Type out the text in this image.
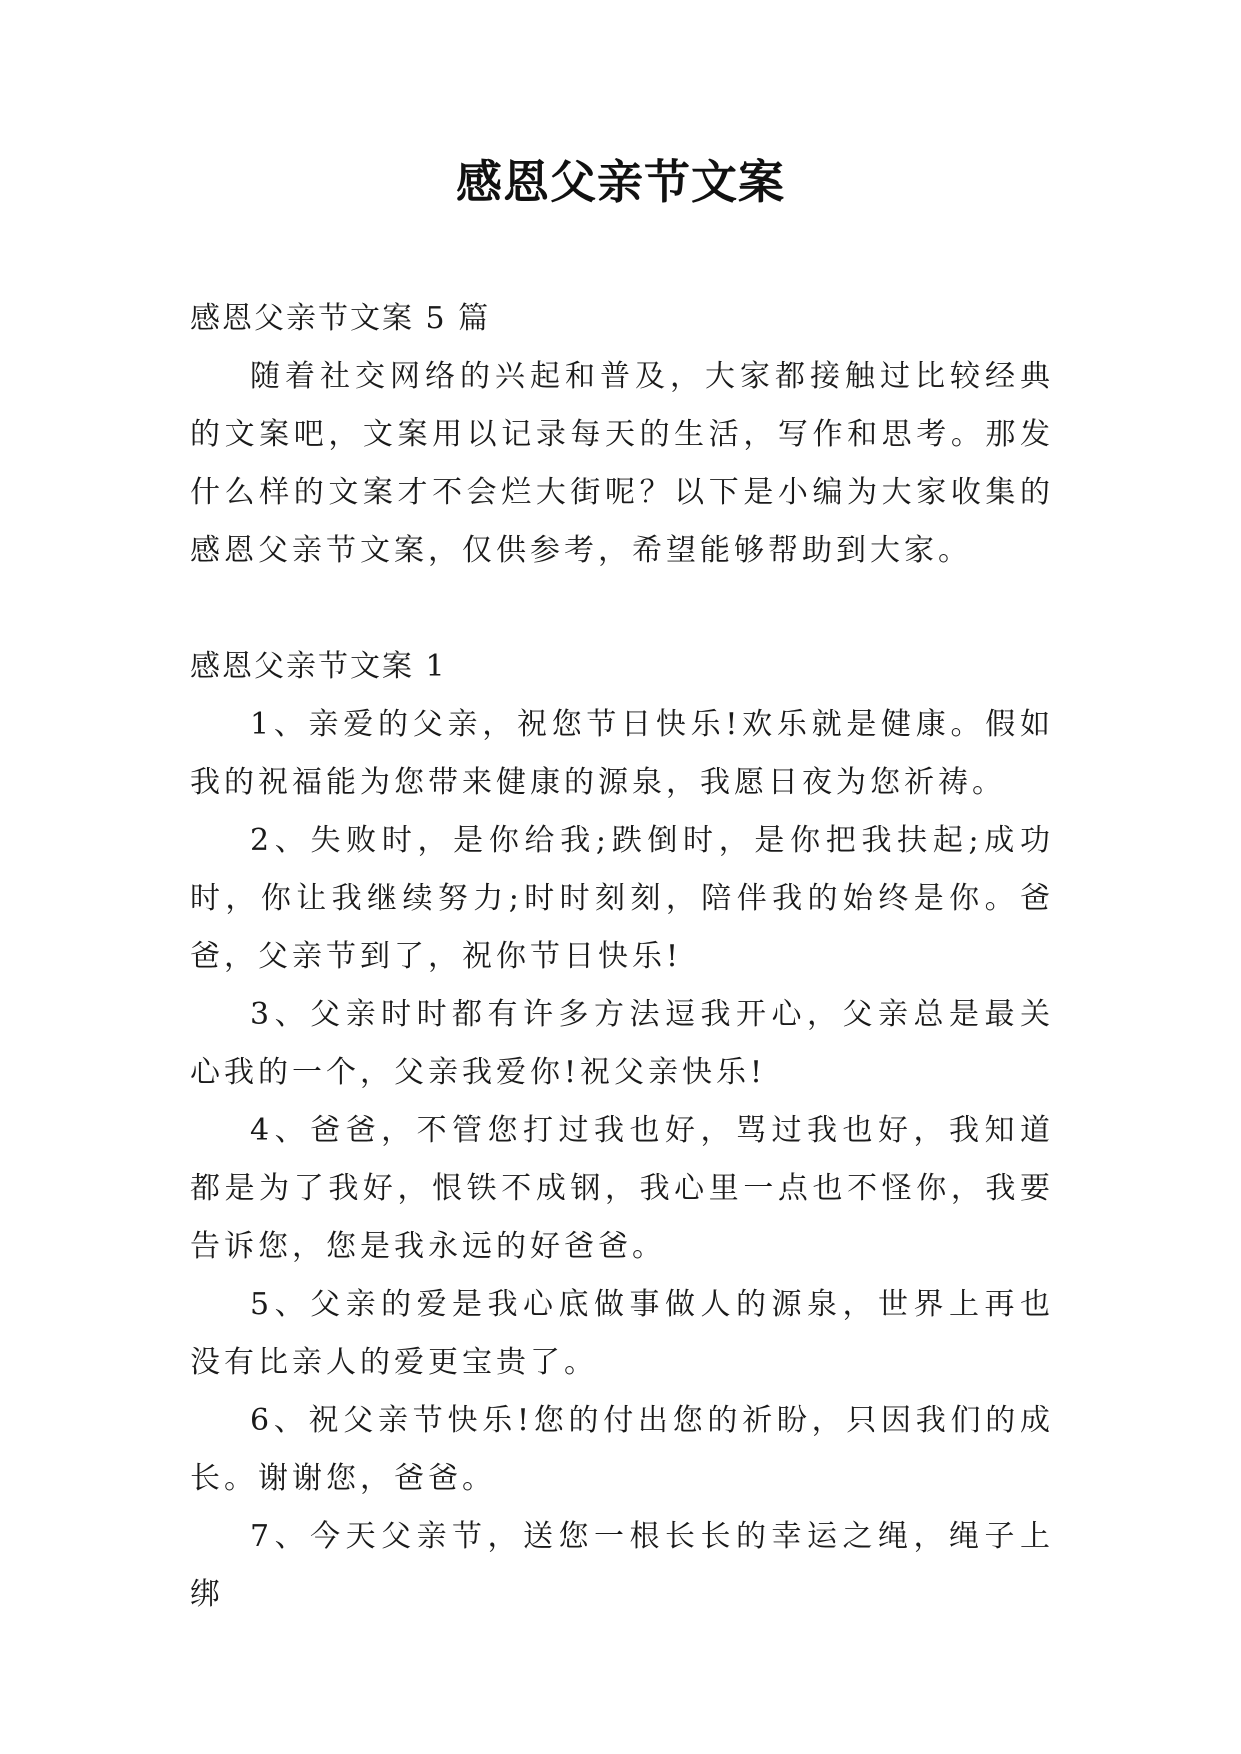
感恩父亲节文案

感恩父亲节文案 5 篇

随着社交网络的兴起和普及，大家都接触过比较经典的文案吧，文案用以记录每天的生活，写作和思考。那发什么样的文案才不会烂大街呢？以下是小编为大家收集的感恩父亲节文案，仅供参考，希望能够帮助到大家。

感恩父亲节文案 1

1、亲爱的父亲，祝您节日快乐!欢乐就是健康。假如我的祝福能为您带来健康的源泉，我愿日夜为您祈祷。

2、失败时，是你给我;跌倒时，是你把我扶起;成功时，你让我继续努力;时时刻刻，陪伴我的始终是你。爸爸，父亲节到了，祝你节日快乐!

3、父亲时时都有许多方法逗我开心，父亲总是最关心我的一个，父亲我爱你!祝父亲快乐!

4、爸爸，不管您打过我也好，骂过我也好，我知道都是为了我好，恨铁不成钢，我心里一点也不怪你，我要告诉您，您是我永远的好爸爸。

5、父亲的爱是我心底做事做人的源泉，世界上再也没有比亲人的爱更宝贵了。

6、祝父亲节快乐!您的付出您的祈盼，只因我们的成长。谢谢您，爸爸。

7、今天父亲节，送您一根长长的幸运之绳，绳子上绑
